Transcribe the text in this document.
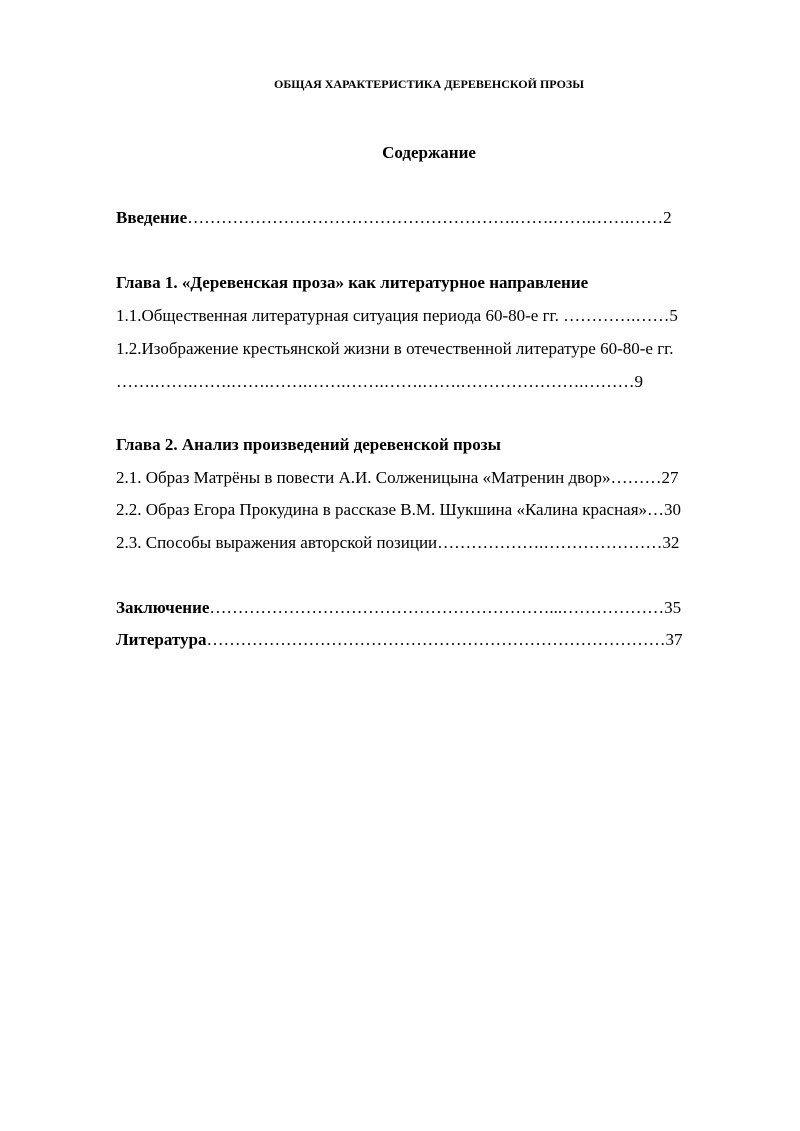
ОБЩАЯ ХАРАКТЕРИСТИКА ДЕРЕВЕНСКОЙ ПРОЗЫ
Содержание
Введение………………………………………………….…….…….…….……2
Глава 1. «Деревенская проза» как литературное направление
1.1.Общественная литературная ситуация периода 60-80-е гг. ………….……5
1.2.Изображение крестьянской жизни в отечественной литературе 60-80-е гг.
…….…….…….…….…….…….…….…….…….………………….………9
Глава 2. Анализ произведений деревенской прозы
2.1. Образ Матрёны в повести А.И. Солженицына «Матренин двор»………27
2.2. Образ Егора Прокудина в рассказе В.М. Шукшина «Калина красная»…30
2.3. Способы выражения авторской позиции……………….…………………32
Заключение……………………………………………………...………………35
Литература………………………………………………………………………37
